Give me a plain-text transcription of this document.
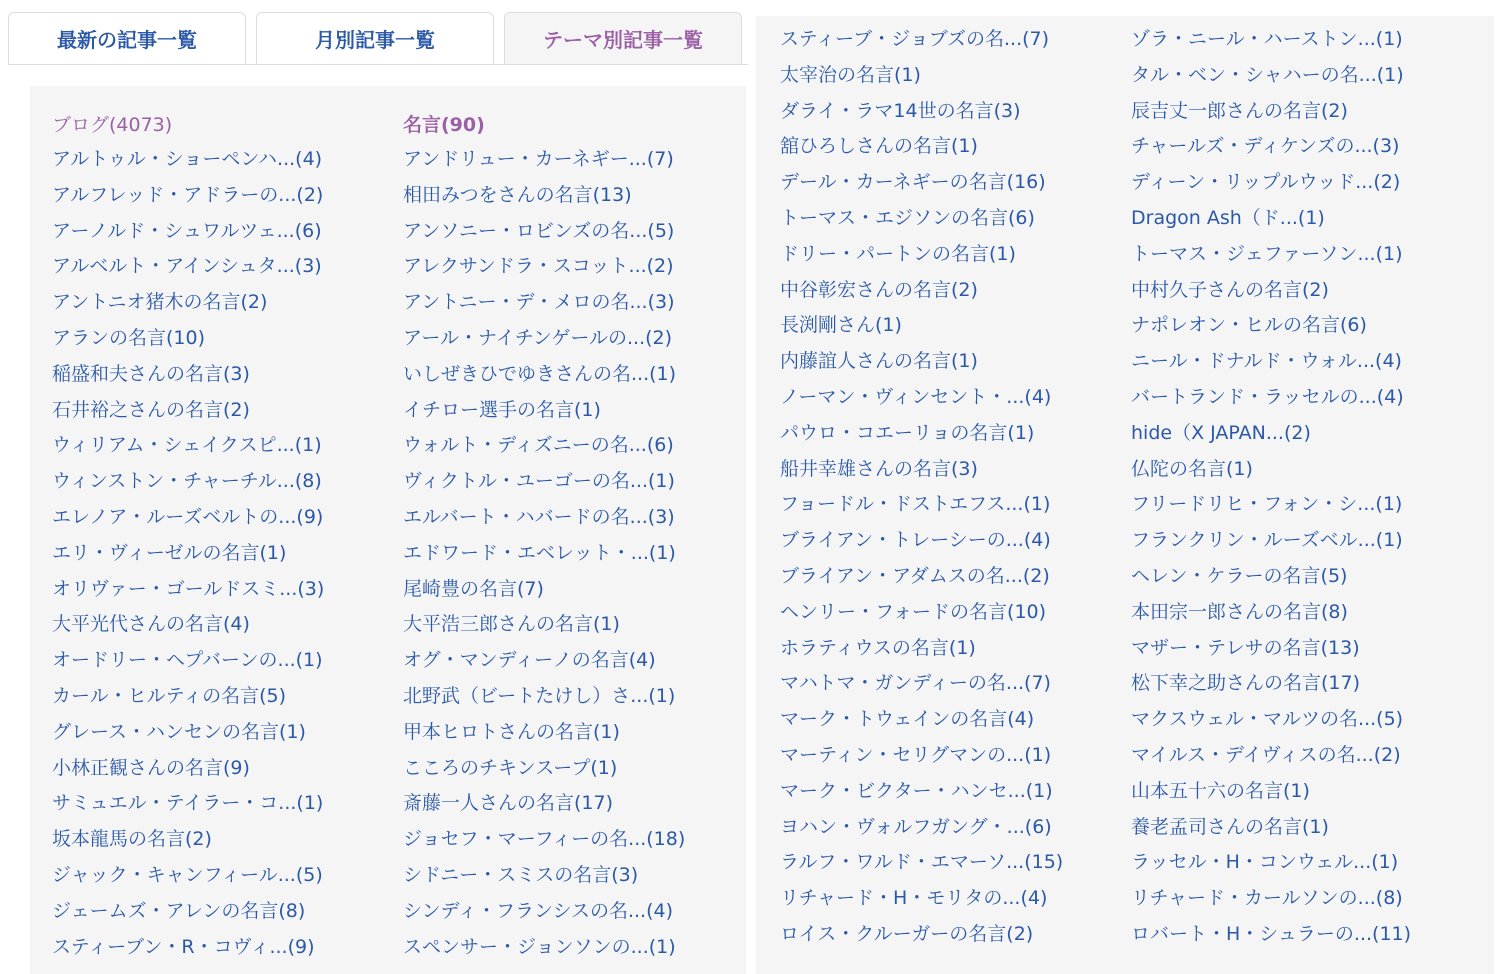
最新の記事一覧	月別記事一覧	テーマ別記事一覧
ブログ(4073)
アルトゥル・ショーペンハ...(4)
アルフレッド・アドラーの...(2)
アーノルド・シュワルツェ...(6)
アルベルト・アインシュタ...(3)
アントニオ猪木の名言(2)
アランの名言(10)
稲盛和夫さんの名言(3)
石井裕之さんの名言(2)
ウィリアム・シェイクスピ...(1)
ウィンストン・チャーチル...(8)
エレノア・ルーズベルトの...(9)
エリ・ヴィーゼルの名言(1)
オリヴァー・ゴールドスミ...(3)
大平光代さんの名言(4)
オードリー・ヘプバーンの...(1)
カール・ヒルティの名言(5)
グレース・ハンセンの名言(1)
小林正観さんの名言(9)
サミュエル・テイラー・コ...(1)
坂本龍馬の名言(2)
ジャック・キャンフィール...(5)
ジェームズ・アレンの名言(8)
スティーブン・R・コヴィ...(9)
名言(90)
アンドリュー・カーネギー...(7)
相田みつをさんの名言(13)
アンソニー・ロビンズの名...(5)
アレクサンドラ・スコット...(2)
アントニー・デ・メロの名...(3)
アール・ナイチンゲールの...(2)
いしぜきひでゆきさんの名...(1)
イチロー選手の名言(1)
ウォルト・ディズニーの名...(6)
ヴィクトル・ユーゴーの名...(1)
エルバート・ハバードの名...(3)
エドワード・エベレット・...(1)
尾崎豊の名言(7)
大平浩三郎さんの名言(1)
オグ・マンディーノの名言(4)
北野武（ビートたけし）さ...(1)
甲本ヒロトさんの名言(1)
こころのチキンスープ(1)
斎藤一人さんの名言(17)
ジョセフ・マーフィーの名...(18)
シドニー・スミスの名言(3)
シンディ・フランシスの名...(4)
スペンサー・ジョンソンの...(1)
スティーブ・ジョブズの名...(7)
太宰治の名言(1)
ダライ・ラマ14世の名言(3)
舘ひろしさんの名言(1)
デール・カーネギーの名言(16)
トーマス・エジソンの名言(6)
ドリー・パートンの名言(1)
中谷彰宏さんの名言(2)
長渕剛さん(1)
内藤誼人さんの名言(1)
ノーマン・ヴィンセント・...(4)
パウロ・コエーリョの名言(1)
船井幸雄さんの名言(3)
フョードル・ドストエフス...(1)
ブライアン・トレーシーの...(4)
ブライアン・アダムスの名...(2)
ヘンリー・フォードの名言(10)
ホラティウスの名言(1)
マハトマ・ガンディーの名...(7)
マーク・トウェインの名言(4)
マーティン・セリグマンの...(1)
マーク・ビクター・ハンセ...(1)
ヨハン・ヴォルフガング・...(6)
ラルフ・ワルド・エマーソ...(15)
リチャード・H・モリタの...(4)
ロイス・クルーガーの名言(2)
ゾラ・ニール・ハーストン...(1)
タル・ベン・シャハーの名...(1)
辰吉丈一郎さんの名言(2)
チャールズ・ディケンズの...(3)
ディーン・リップルウッド...(2)
Dragon Ash（ド...(1)
トーマス・ジェファーソン...(1)
中村久子さんの名言(2)
ナポレオン・ヒルの名言(6)
ニール・ドナルド・ウォル...(4)
バートランド・ラッセルの...(4)
hide（X JAPAN...(2)
仏陀の名言(1)
フリードリヒ・フォン・シ...(1)
フランクリン・ルーズベル...(1)
ヘレン・ケラーの名言(5)
本田宗一郎さんの名言(8)
マザー・テレサの名言(13)
松下幸之助さんの名言(17)
マクスウェル・マルツの名...(5)
マイルス・デイヴィスの名...(2)
山本五十六の名言(1)
養老孟司さんの名言(1)
ラッセル・H・コンウェル...(1)
リチャード・カールソンの...(8)
ロバート・H・シュラーの...(11)
